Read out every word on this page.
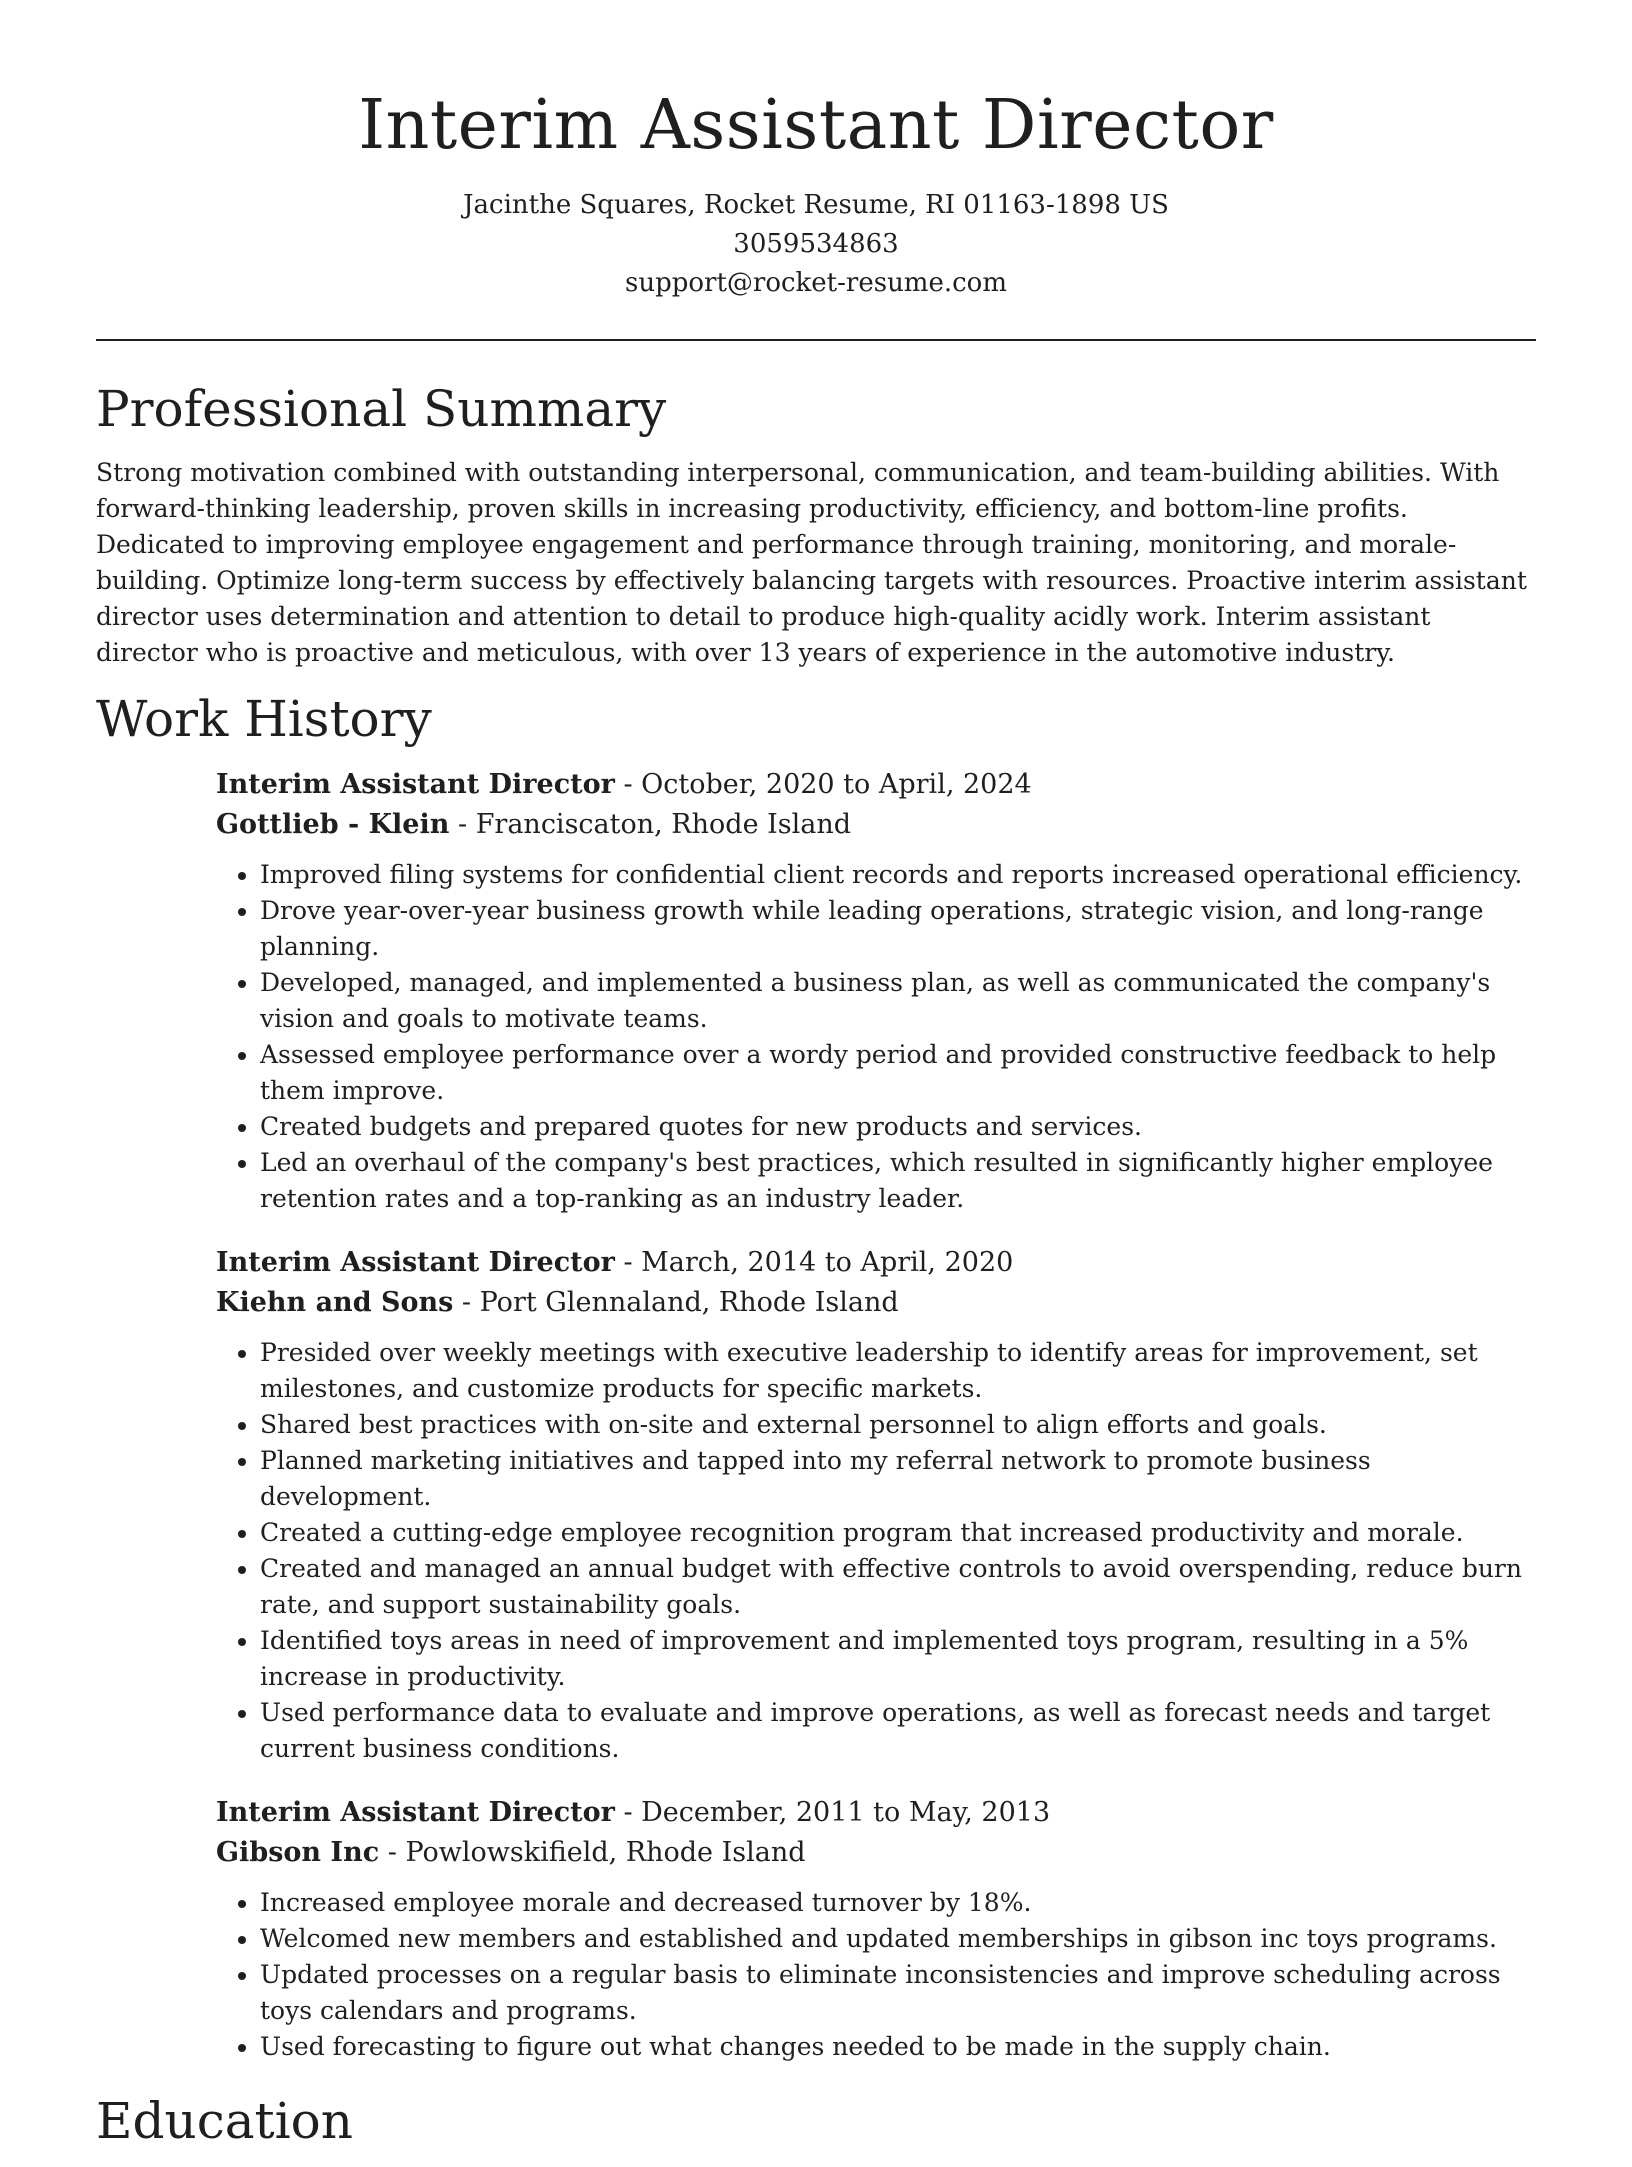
Interim Assistant Director

Jacinthe Squares, Rocket Resume, RI 01163-1898 US

3059534863

support@rocket-resume.com

Professional Summary

Strong motivation combined with outstanding interpersonal, communication, and team-building abilities. With forward-thinking leadership, proven skills in increasing productivity, efficiency, and bottom-line profits. Dedicated to improving employee engagement and performance through training, monitoring, and morale-building. Optimize long-term success by effectively balancing targets with resources. Proactive interim assistant director uses determination and attention to detail to produce high-quality acidly work. Interim assistant director who is proactive and meticulous, with over 13 years of experience in the automotive industry.

Work History

Interim Assistant Director - October, 2020 to April, 2024

Gottlieb - Klein - Franciscaton, Rhode Island

• Improved filing systems for confidential client records and reports increased operational efficiency.
• Drove year-over-year business growth while leading operations, strategic vision, and long-range planning.
• Developed, managed, and implemented a business plan, as well as communicated the company's vision and goals to motivate teams.
• Assessed employee performance over a wordy period and provided constructive feedback to help them improve.
• Created budgets and prepared quotes for new products and services.
• Led an overhaul of the company's best practices, which resulted in significantly higher employee retention rates and a top-ranking as an industry leader.

Interim Assistant Director - March, 2014 to April, 2020

Kiehn and Sons - Port Glennaland, Rhode Island

• Presided over weekly meetings with executive leadership to identify areas for improvement, set milestones, and customize products for specific markets.
• Shared best practices with on-site and external personnel to align efforts and goals.
• Planned marketing initiatives and tapped into my referral network to promote business development.
• Created a cutting-edge employee recognition program that increased productivity and morale.
• Created and managed an annual budget with effective controls to avoid overspending, reduce burn rate, and support sustainability goals.
• Identified toys areas in need of improvement and implemented toys program, resulting in a 5% increase in productivity.
• Used performance data to evaluate and improve operations, as well as forecast needs and target current business conditions.

Interim Assistant Director - December, 2011 to May, 2013

Gibson Inc - Powlowskifield, Rhode Island

• Increased employee morale and decreased turnover by 18%.
• Welcomed new members and established and updated memberships in gibson inc toys programs.
• Updated processes on a regular basis to eliminate inconsistencies and improve scheduling across toys calendars and programs.
• Used forecasting to figure out what changes needed to be made in the supply chain.
Education
